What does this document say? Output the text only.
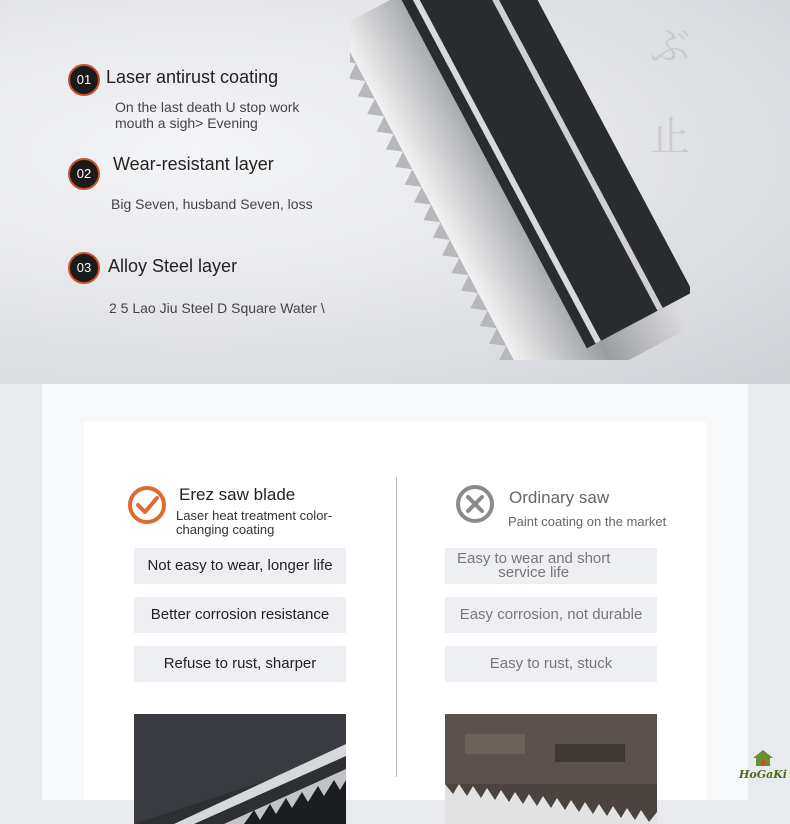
ぶ
止
01 Laser antirust coating
On the last death U stop work
mouth a sigh> Evening
02	Wear-resistant layer
Big Seven, husband Seven, loss
03 Alloy Steel layer
2 5 Lao Jiu Steel D Square Water \
Erez saw blade
Laser heat treatment color-
changing coating
Not easy to wear, longer life
Better corrosion resistance
Refuse to rust, sharper
Ordinary saw
Paint coating on the market
Easy to wear and short
service life
Easy corrosion, not durable
Easy to rust, stuck
HoGaKi
